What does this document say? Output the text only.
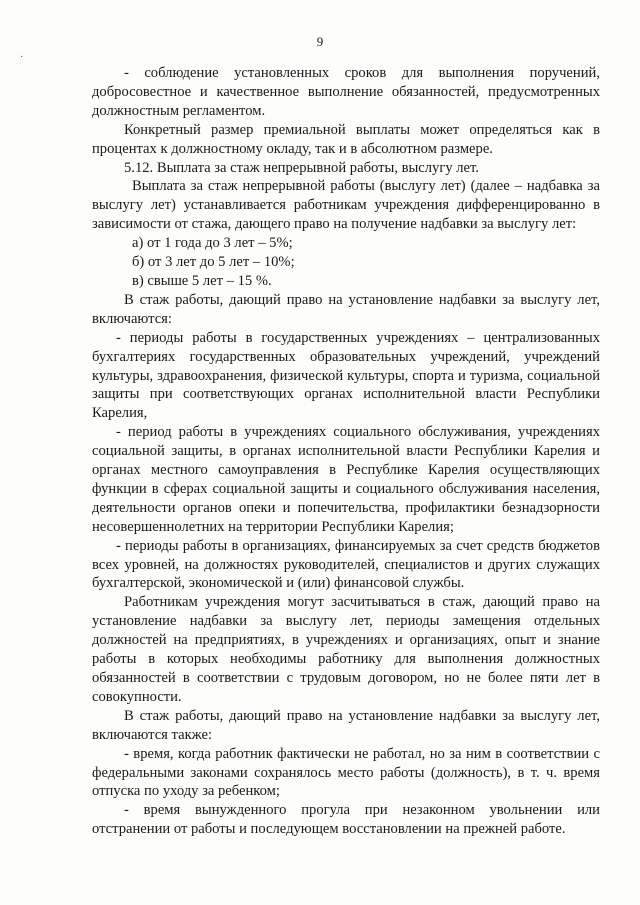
9
·

- соблюдение установленных сроков для выполнения поручений, добросовестное и качественное выполнение обязанностей, предусмотренных должностным регламентом.

Конкретный размер премиальной выплаты может определяться как в процентах к должностному окладу, так и в абсолютном размере.

5.12. Выплата за стаж непрерывной работы, выслугу лет.

Выплата за стаж непрерывной работы (выслугу лет) (далее – надбавка за выслугу лет) устанавливается работникам учреждения дифференцированно в зависимости от стажа, дающего право на получение надбавки за выслугу лет:

а) от 1 года до 3 лет – 5%;
б) от 3 лет до 5 лет – 10%;
в) свыше 5 лет – 15 %.

В стаж работы, дающий право на установление надбавки за выслугу лет, включаются:

- периоды работы в государственных учреждениях – централизованных бухгалтериях государственных образовательных учреждений, учреждений культуры, здравоохранения, физической культуры, спорта и туризма, социальной защиты при соответствующих органах исполнительной власти Республики Карелия,

- период работы в учреждениях социального обслуживания, учреждениях социальной защиты, в органах исполнительной власти Республики Карелия и органах местного самоуправления в Республике Карелия осуществляющих функции в сферах социальной защиты и социального обслуживания населения, деятельности органов опеки и попечительства, профилактики безнадзорности несовершеннолетних на территории Республики Карелия;

- периоды работы в организациях, финансируемых за счет средств бюджетов всех уровней, на должностях руководителей, специалистов и других служащих бухгалтерской, экономической и (или) финансовой службы.

Работникам учреждения могут засчитываться в стаж, дающий право на установление надбавки за выслугу лет, периоды замещения отдельных должностей на предприятиях, в учреждениях и организациях, опыт и знание работы в которых необходимы работнику для выполнения должностных обязанностей в соответствии с трудовым договором, но не более пяти лет в совокупности.

В стаж работы, дающий право на установление надбавки за выслугу лет, включаются также:

- время, когда работник фактически не работал, но за ним в соответствии с федеральными законами сохранялось место работы (должность), в т. ч. время отпуска по уходу за ребенком;

- время вынужденного прогула при незаконном увольнении или отстранении от работы и последующем восстановлении на прежней работе.
